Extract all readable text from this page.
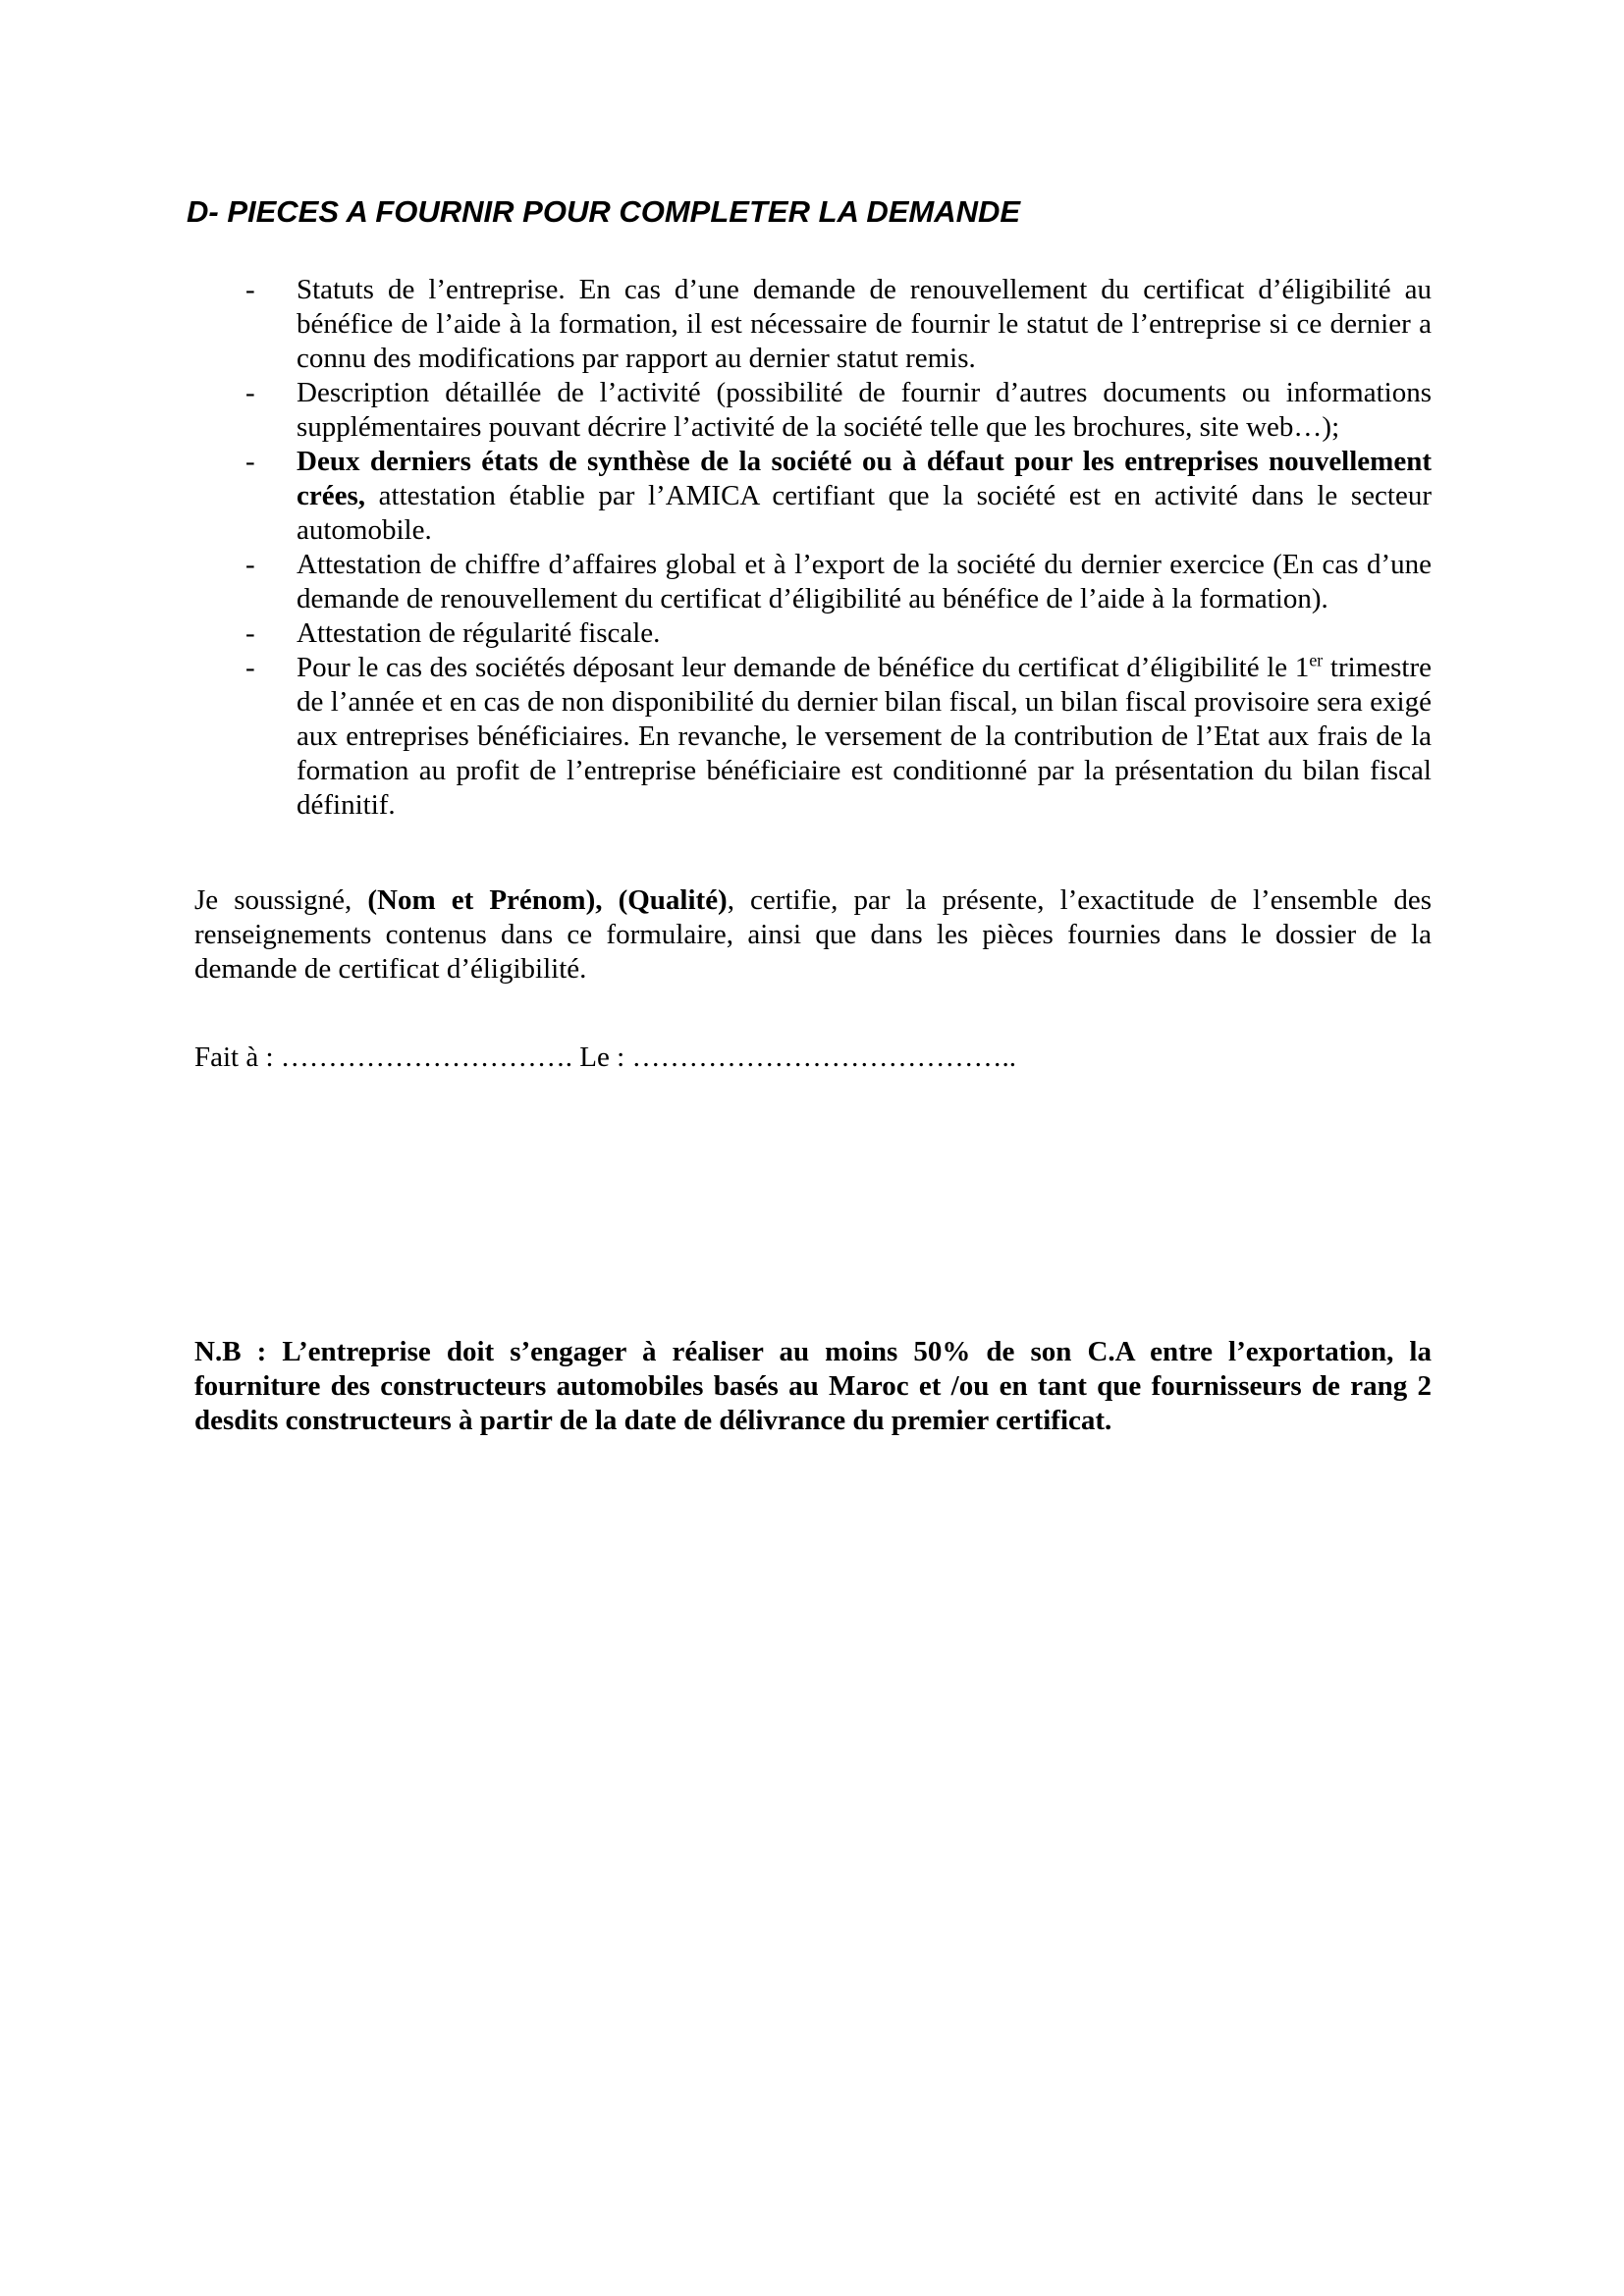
D- PIECES A FOURNIR POUR COMPLETER LA DEMANDE
- Statuts de l’entreprise. En cas d’une demande de renouvellement du certificat d’éligibilité au bénéfice de l’aide à la formation, il est nécessaire de fournir le statut de l’entreprise si ce dernier a connu des modifications par rapport au dernier statut remis.
- Description détaillée de l’activité (possibilité de fournir d’autres documents ou informations supplémentaires pouvant décrire l’activité de la société telle que les brochures, site web…);
- Deux derniers états de synthèse de la société ou à défaut pour les entreprises nouvellement crées, attestation établie par l’AMICA certifiant que la société est en activité dans le secteur automobile.
- Attestation de chiffre d’affaires global et à l’export de la société du dernier exercice (En cas d’une demande de renouvellement du certificat d’éligibilité au bénéfice de l’aide à la formation).
- Attestation de régularité fiscale.
- Pour le cas des sociétés déposant leur demande de bénéfice du certificat d’éligibilité le 1er trimestre de l’année et en cas de non disponibilité du dernier bilan fiscal, un bilan fiscal provisoire sera exigé aux entreprises bénéficiaires. En revanche, le versement de la contribution de l’Etat aux frais de la formation au profit de l’entreprise bénéficiaire est conditionné par la présentation du bilan fiscal définitif.

Je soussigné, (Nom et Prénom), (Qualité), certifie, par la présente, l’exactitude de l’ensemble des renseignements contenus dans ce formulaire, ainsi que dans les pièces fournies dans le dossier de la demande de certificat d’éligibilité.

Fait à : …………………………. Le : …………………………………..

N.B : L’entreprise doit s’engager à réaliser au moins 50% de son C.A entre l’exportation, la fourniture des constructeurs automobiles basés au Maroc et /ou en tant que fournisseurs de rang 2 desdits constructeurs à partir de la date de délivrance du premier certificat.
